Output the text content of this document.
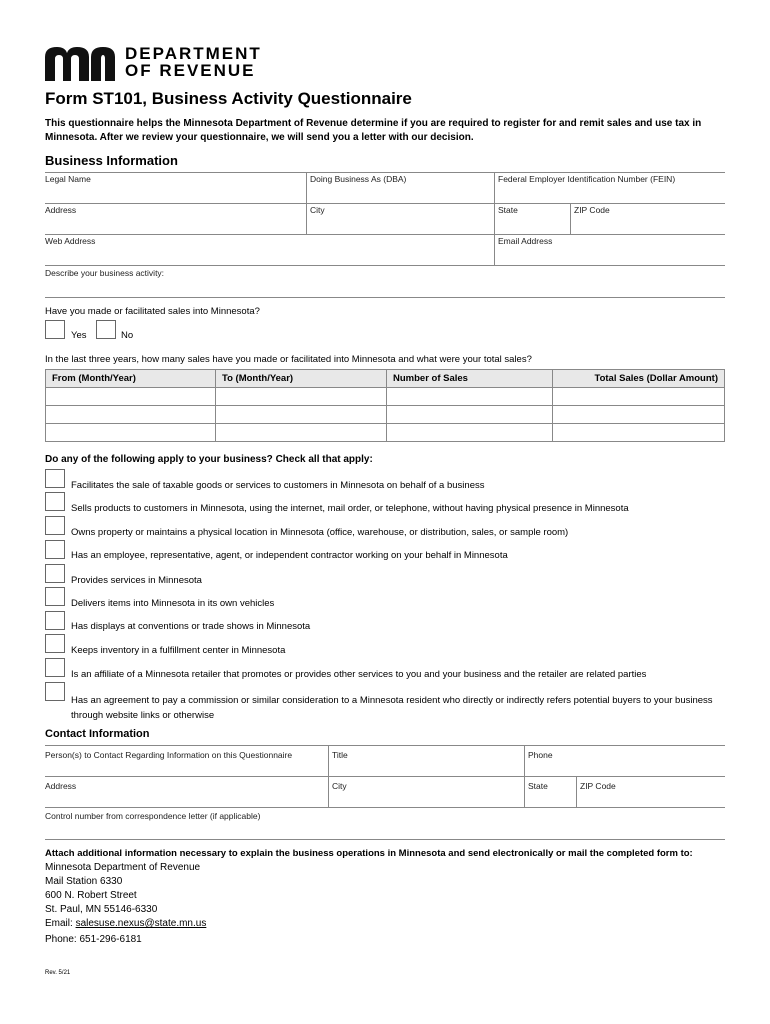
DEPARTMENT
OF REVENUE
Form ST101, Business Activity Questionnaire
This questionnaire helps the Minnesota Department of Revenue determine if you are required to register for and remit sales and use tax in Minnesota. After we review your questionnaire, we will send you a letter with our decision.
Business Information
Legal Name	Doing Business As (DBA)	Federal Employer Identification Number (FEIN)
Address	City	State	ZIP Code
Web Address	Email Address
Describe your business activity:
Have you made or facilitated sales into Minnesota?
Yes	No
In the last three years, how many sales have you made or facilitated into Minnesota and what were your total sales?
From (Month/Year)	To (Month/Year)	Number of Sales	Total Sales (Dollar Amount)

Do any of the following apply to your business? Check all that apply:
Facilitates the sale of taxable goods or services to customers in Minnesota on behalf of a business
Sells products to customers in Minnesota, using the internet, mail order, or telephone, without having physical presence in Minnesota
Owns property or maintains a physical location in Minnesota (office, warehouse, or distribution, sales, or sample room)
Has an employee, representative, agent, or independent contractor working on your behalf in Minnesota
Provides services in Minnesota
Delivers items into Minnesota in its own vehicles
Has displays at conventions or trade shows in Minnesota
Keeps inventory in a fulfillment center in Minnesota
Is an affiliate of a Minnesota retailer that promotes or provides other services to you and your business and the retailer are related parties
Has an agreement to pay a commission or similar consideration to a Minnesota resident who directly or indirectly refers potential buyers to your business through website links or otherwise
Contact Information
Person(s) to Contact Regarding Information on this Questionnaire	Title	Phone
Address	City	State	ZIP Code
Control number from correspondence letter (if applicable)
Attach additional information necessary to explain the business operations in Minnesota and send electronically or mail the completed form to:
Minnesota Department of Revenue
Mail Station 6330
600 N. Robert Street
St. Paul, MN 55146-6330
Email: salesuse.nexus@state.mn.us
Phone: 651-296-6181
Rev. 5/21
